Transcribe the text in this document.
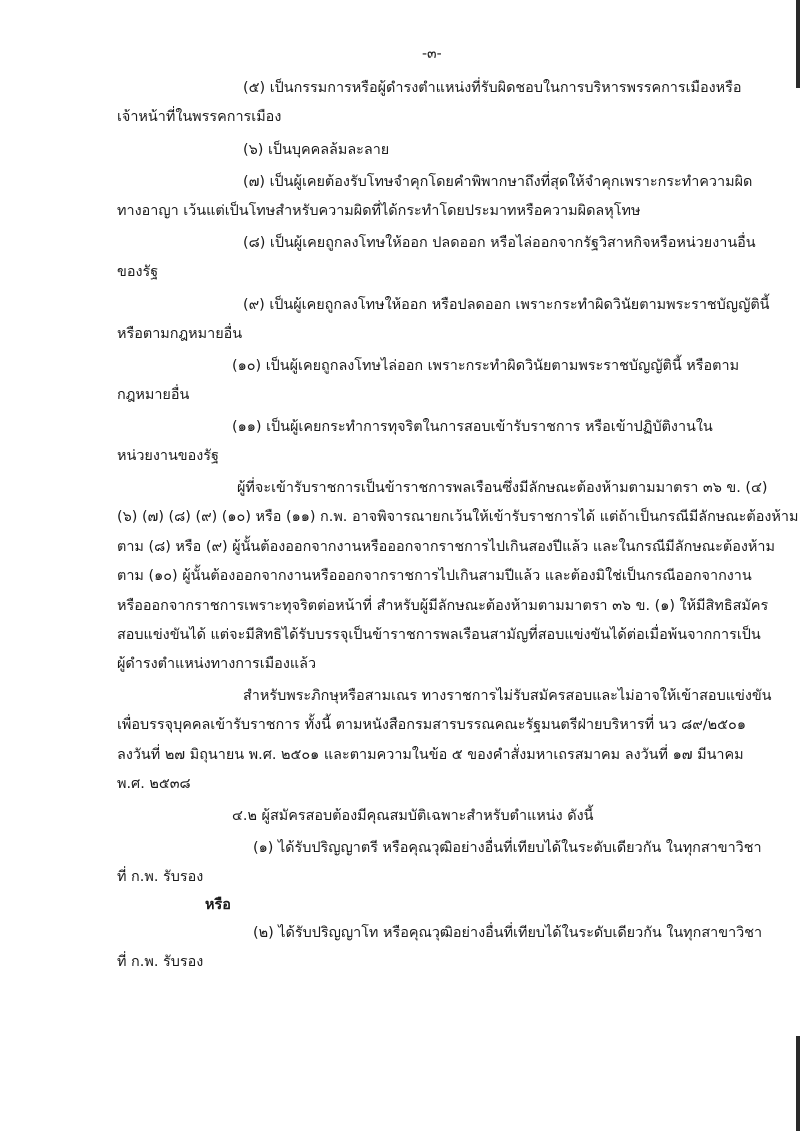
-๓-
(๕) เป็นกรรมการหรือผู้ดำรงตำแหน่งที่รับผิดชอบในการบริหารพรรคการเมืองหรือ
เจ้าหน้าที่ในพรรคการเมือง
(๖) เป็นบุคคลล้มละลาย
(๗) เป็นผู้เคยต้องรับโทษจำคุกโดยคำพิพากษาถึงที่สุดให้จำคุกเพราะกระทำความผิด
ทางอาญา เว้นแต่เป็นโทษสำหรับความผิดที่ได้กระทำโดยประมาทหรือความผิดลหุโทษ
(๘) เป็นผู้เคยถูกลงโทษให้ออก ปลดออก หรือไล่ออกจากรัฐวิสาหกิจหรือหน่วยงานอื่น
ของรัฐ
(๙) เป็นผู้เคยถูกลงโทษให้ออก หรือปลดออก เพราะกระทำผิดวินัยตามพระราชบัญญัตินี้
หรือตามกฎหมายอื่น
(๑๐) เป็นผู้เคยถูกลงโทษไล่ออก เพราะกระทำผิดวินัยตามพระราชบัญญัตินี้ หรือตาม
กฎหมายอื่น
(๑๑) เป็นผู้เคยกระทำการทุจริตในการสอบเข้ารับราชการ หรือเข้าปฏิบัติงานใน
หน่วยงานของรัฐ
ผู้ที่จะเข้ารับราชการเป็นข้าราชการพลเรือนซึ่งมีลักษณะต้องห้ามตามมาตรา ๓๖ ข. (๔)
(๖) (๗) (๘) (๙) (๑๐) หรือ (๑๑) ก.พ. อาจพิจารณายกเว้นให้เข้ารับราชการได้ แต่ถ้าเป็นกรณีมีลักษณะต้องห้าม
ตาม (๘) หรือ (๙) ผู้นั้นต้องออกจากงานหรือออกจากราชการไปเกินสองปีแล้ว และในกรณีมีลักษณะต้องห้าม
ตาม (๑๐) ผู้นั้นต้องออกจากงานหรือออกจากราชการไปเกินสามปีแล้ว และต้องมิใช่เป็นกรณีออกจากงาน
หรือออกจากราชการเพราะทุจริตต่อหน้าที่ สำหรับผู้มีลักษณะต้องห้ามตามมาตรา ๓๖ ข. (๑) ให้มีสิทธิสมัคร
สอบแข่งขันได้ แต่จะมีสิทธิได้รับบรรจุเป็นข้าราชการพลเรือนสามัญที่สอบแข่งขันได้ต่อเมื่อพ้นจากการเป็น
ผู้ดำรงตำแหน่งทางการเมืองแล้ว
สำหรับพระภิกษุหรือสามเณร ทางราชการไม่รับสมัครสอบและไม่อาจให้เข้าสอบแข่งขัน
เพื่อบรรจุบุคคลเข้ารับราชการ ทั้งนี้ ตามหนังสือกรมสารบรรณคณะรัฐมนตรีฝ่ายบริหารที่ นว ๘๙/๒๕๐๑
ลงวันที่ ๒๗ มิถุนายน พ.ศ. ๒๕๐๑ และตามความในข้อ ๕ ของคำสั่งมหาเถรสมาคม ลงวันที่ ๑๗ มีนาคม
พ.ศ. ๒๕๓๘
๔.๒ ผู้สมัครสอบต้องมีคุณสมบัติเฉพาะสำหรับตำแหน่ง ดังนี้
(๑) ได้รับปริญญาตรี หรือคุณวุฒิอย่างอื่นที่เทียบได้ในระดับเดียวกัน ในทุกสาขาวิชา
ที่ ก.พ. รับรอง
หรือ
(๒) ได้รับปริญญาโท หรือคุณวุฒิอย่างอื่นที่เทียบได้ในระดับเดียวกัน ในทุกสาขาวิชา
ที่ ก.พ. รับรอง
